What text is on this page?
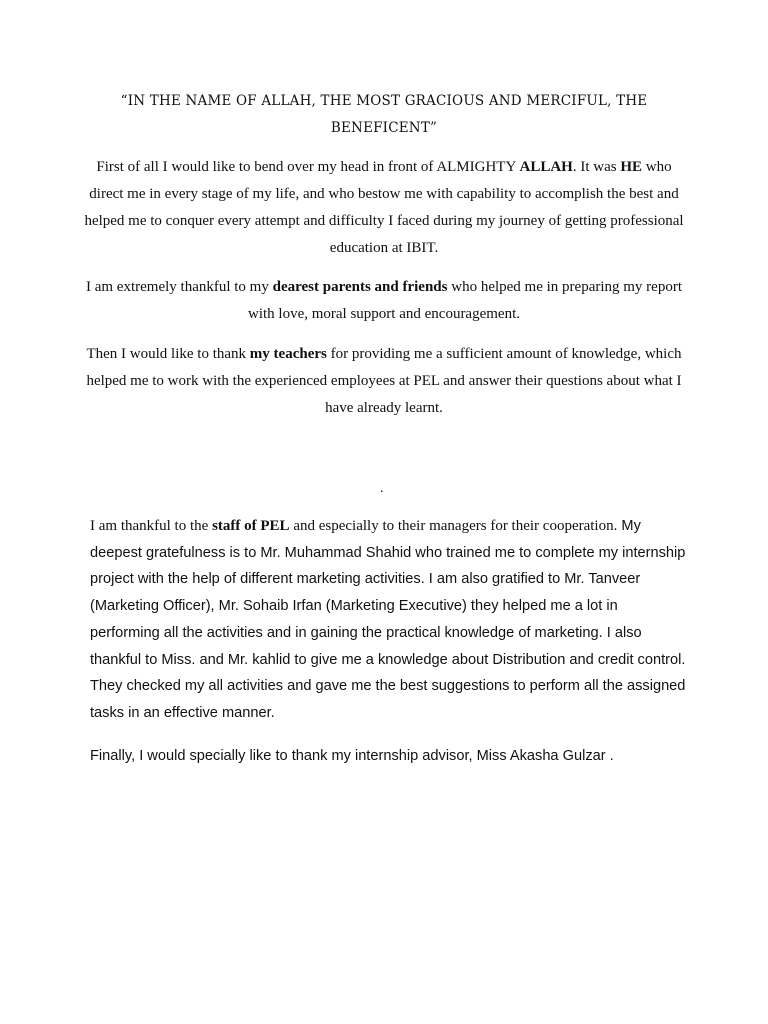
“IN THE NAME OF ALLAH, THE MOST GRACIOUS AND MERCIFUL, THE BENEFICENT”

First of all I would like to bend over my head in front of ALMIGHTY ALLAH. It was HE who direct me in every stage of my life, and who bestow me with capability to accomplish the best and helped me to conquer every attempt and difficulty I faced during my journey of getting professional education at IBIT.

I am extremely thankful to my dearest parents and friends who helped me in preparing my report with love, moral support and encouragement.

Then I would like to thank my teachers for providing me a sufficient amount of knowledge, which helped me to work with the experienced employees at PEL and answer their questions about what I have already learnt.

.

I am thankful to the staff of PEL and especially to their managers for their cooperation. My deepest gratefulness is to Mr. Muhammad Shahid who trained me to complete my internship project with the help of different marketing activities. I am also gratified to Mr. Tanveer (Marketing Officer), Mr. Sohaib Irfan (Marketing Executive) they helped me a lot in performing all the activities and in gaining the practical knowledge of marketing. I also thankful to Miss. and Mr. kahlid to give me a knowledge about Distribution and credit control. They checked my all activities and gave me the best suggestions to perform all the assigned tasks in an effective manner.

Finally, I would specially like to thank my internship advisor, Miss Akasha Gulzar .
